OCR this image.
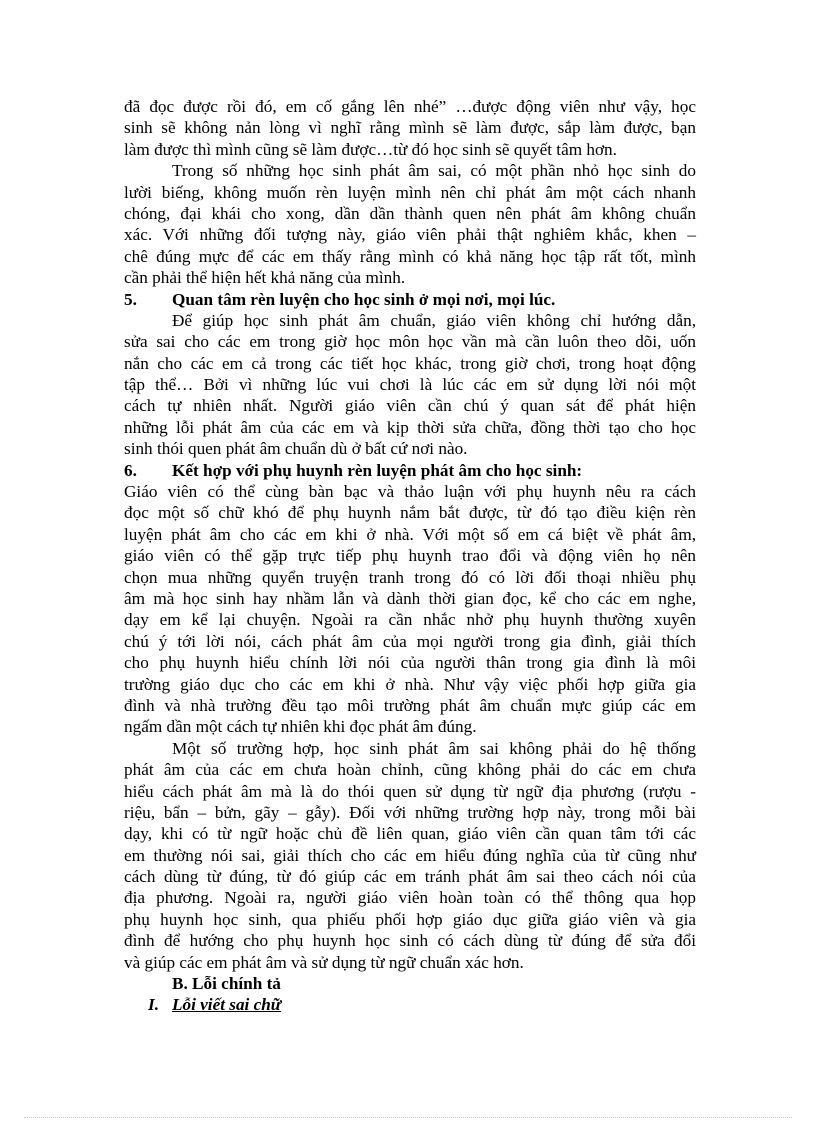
đã đọc được rồi đó, em cố gắng lên nhé” …được động viên như vậy, học
sinh sẽ không nản lòng vì nghĩ rằng mình sẽ làm được, sắp làm được, bạn
làm được thì mình cũng sẽ làm được…từ đó học sinh sẽ quyết tâm hơn.
Trong số những học sinh phát âm sai, có một phần nhỏ học sinh do
lười biếng, không muốn rèn luyện mình nên chỉ phát âm một cách nhanh
chóng, đại khái cho xong, dần dần thành quen nên phát âm không chuẩn
xác. Với những đối tượng này, giáo viên phải thật nghiêm khắc, khen –
chê đúng mực để các em thấy rằng mình có khả năng học tập rất tốt, mình
cần phải thể hiện hết khả năng của mình.
5. Quan tâm rèn luyện cho học sinh ở mọi nơi, mọi lúc.
Để giúp học sinh phát âm chuẩn, giáo viên không chỉ hướng dẫn,
sửa sai cho các em trong giờ học môn học vần mà cần luôn theo dõi, uốn
nắn cho các em cả trong các tiết học khác, trong giờ chơi, trong hoạt động
tập thể… Bởi vì những lúc vui chơi là lúc các em sử dụng lời nói một
cách tự nhiên nhất. Người giáo viên cần chú ý quan sát để phát hiện
những lỗi phát âm của các em và kịp thời sửa chữa, đồng thời tạo cho học
sinh thói quen phát âm chuẩn dù ở bất cứ nơi nào.
6. Kết hợp với phụ huynh rèn luyện phát âm cho học sinh:
Giáo viên có thể cùng bàn bạc và thảo luận với phụ huynh nêu ra cách
đọc một số chữ khó để phụ huynh nắm bắt được, từ đó tạo điều kiện rèn
luyện phát âm cho các em khi ở nhà. Với một số em cá biệt về phát âm,
giáo viên có thể gặp trực tiếp phụ huynh trao đổi và động viên họ nên
chọn mua những quyển truyện tranh trong đó có lời đối thoại nhiều phụ
âm mà học sinh hay nhầm lẫn và dành thời gian đọc, kể cho các em nghe,
dạy em kể lại chuyện. Ngoài ra cần nhắc nhở phụ huynh thường xuyên
chú ý tới lời nói, cách phát âm của mọi người trong gia đình, giải thích
cho phụ huynh hiểu chính lời nói của người thân trong gia đình là môi
trường giáo dục cho các em khi ở nhà. Như vậy việc phối hợp giữa gia
đình và nhà trường đều tạo môi trường phát âm chuẩn mực giúp các em
ngấm dần một cách tự nhiên khi đọc phát âm đúng.
Một số trường hợp, học sinh phát âm sai không phải do hệ thống
phát âm của các em chưa hoàn chỉnh, cũng không phải do các em chưa
hiểu cách phát âm mà là do thói quen sử dụng từ ngữ địa phương (rượu -
riệu, bẩn – bửn, gãy – gẫy). Đối với những trường hợp này, trong mỗi bài
dạy, khi có từ ngữ hoặc chủ đề liên quan, giáo viên cần quan tâm tới các
em thường nói sai, giải thích cho các em hiểu đúng nghĩa của từ cũng như
cách dùng từ đúng, từ đó giúp các em tránh phát âm sai theo cách nói của
địa phương. Ngoài ra, người giáo viên hoàn toàn có thể thông qua họp
phụ huynh học sinh, qua phiếu phối hợp giáo dục giữa giáo viên và gia
đình để hướng cho phụ huynh học sinh có cách dùng từ đúng để sửa đổi
và giúp các em phát âm và sử dụng từ ngữ chuẩn xác hơn.
B. Lỗi chính tả
I. Lỗi viết sai chữ
